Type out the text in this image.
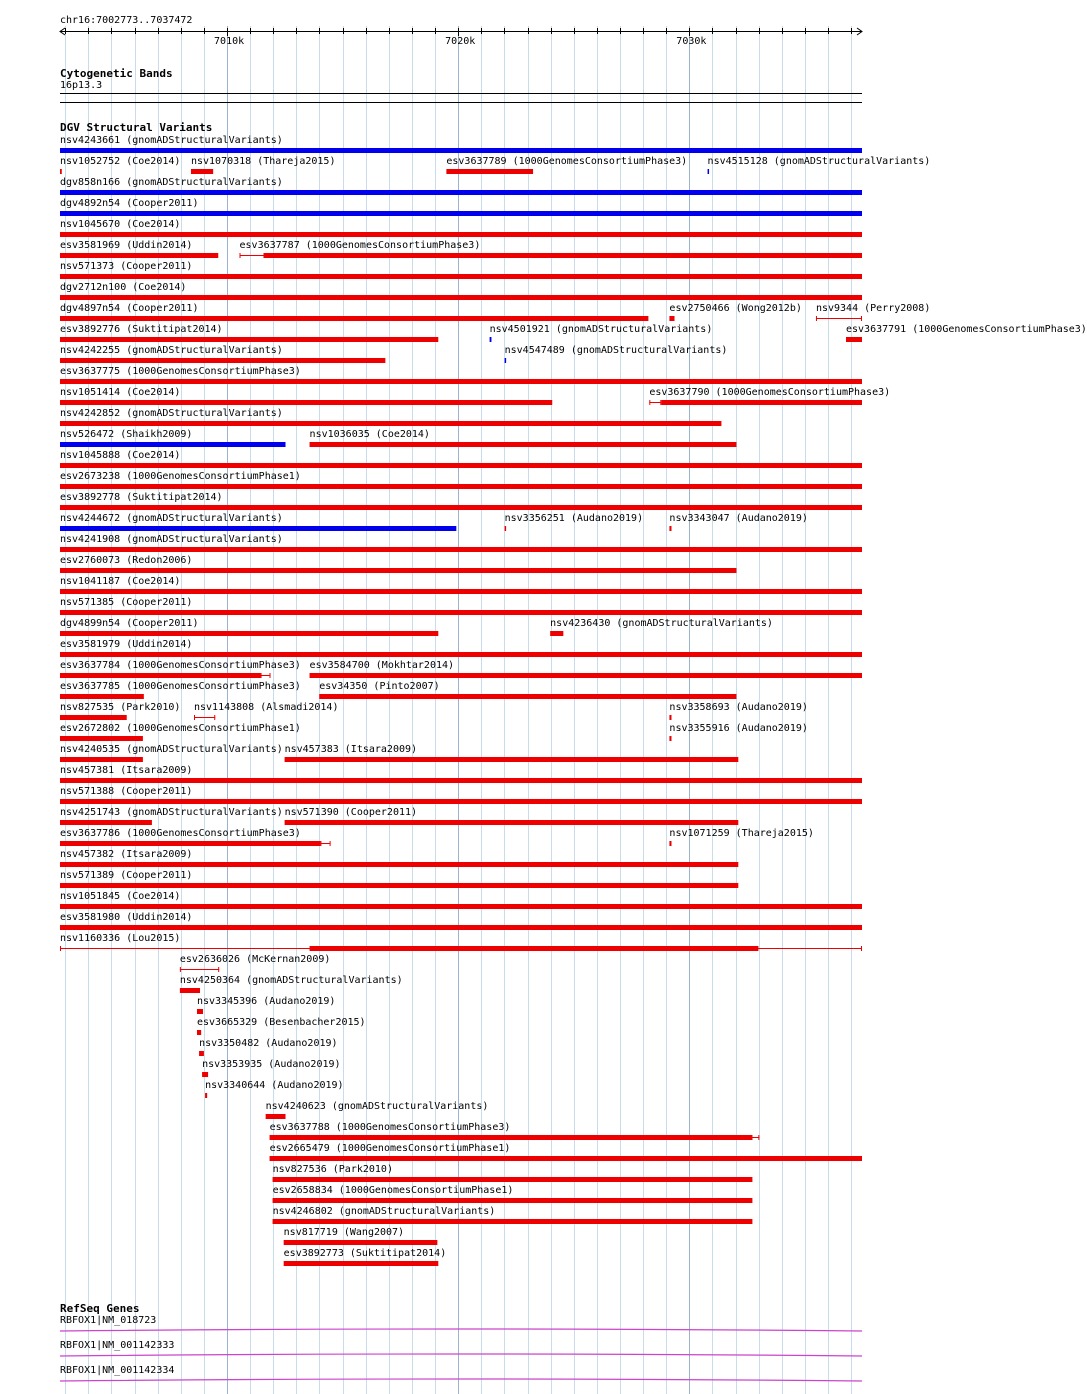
chr16:7002773..7037472
7010k	7020k	7030k
Cytogenetic Bands
16p13.3
DGV Structural Variants
nsv4243661 (gnomADStructuralVariants)
nsv1052752 (Coe2014) nsv1070318 (Thareja2015)	esv3637789 (1000GenomesConsortiumPhase3) nsv4515128 (gnomADStructuralVariants)
dgv858n166 (gnomADStructuralVariants)
dgv4892n54 (Cooper2011)
nsv1045670 (Coe2014)
esv3581969 (Uddin2014)	esv3637787 (1000GenomesConsortiumPhase3)
nsv571373 (Cooper2011)
dgv2712n100 (Coe2014)
dgv4897n54 (Cooper2011)	esv2750466 (Wong2012b) nsv9344 (Perry2008)
esv3892776 (Suktitipat2014)	nsv4501921 (gnomADStructuralVariants)	esv3637791 (1000GenomesConsortiumPhase3)
nsv4242255 (gnomADStructuralVariants)	nsv4547489 (gnomADStructuralVariants)
esv3637775 (1000GenomesConsortiumPhase3)
nsv1051414 (Coe2014)	esv3637790 (1000GenomesConsortiumPhase3)
nsv4242852 (gnomADStructuralVariants)
nsv526472 (Shaikh2009)	nsv1036035 (Coe2014)
nsv1045888 (Coe2014)
esv2673238 (1000GenomesConsortiumPhase1)
esv3892778 (Suktitipat2014)
nsv4244672 (gnomADStructuralVariants)	nsv3356251 (Audano2019)	nsv3343047 (Audano2019)
nsv4241908 (gnomADStructuralVariants)
esv2760073 (Redon2006)
nsv1041187 (Coe2014)
nsv571385 (Cooper2011)
dgv4899n54 (Cooper2011)	nsv4236430 (gnomADStructuralVariants)
esv3581979 (Uddin2014)
esv3637784 (1000GenomesConsortiumPhase3) esv3584700 (Mokhtar2014)
esv3637785 (1000GenomesConsortiumPhase3) esv34350 (Pinto2007)
nsv827535 (Park2010) nsv1143808 (Alsmadi2014)	nsv3358693 (Audano2019)
esv2672802 (1000GenomesConsortiumPhase1)	nsv3355916 (Audano2019)
nsv4240535 (gnomADStructuralVariants) nsv457383 (Itsara2009)
nsv457381 (Itsara2009)
nsv571388 (Cooper2011)
nsv4251743 (gnomADStructuralVariants) nsv571390 (Cooper2011)
esv3637786 (1000GenomesConsortiumPhase3)	nsv1071259 (Thareja2015)
nsv457382 (Itsara2009)
nsv571389 (Cooper2011)
nsv1051845 (Coe2014)
esv3581980 (Uddin2014)
nsv1160336 (Lou2015)
esv2636026 (McKernan2009)
nsv4250364 (gnomADStructuralVariants)
nsv3345396 (Audano2019)
esv3665329 (Besenbacher2015)
nsv3350482 (Audano2019)
nsv3353935 (Audano2019)
nsv3340644 (Audano2019)
nsv4240623 (gnomADStructuralVariants)
esv3637788 (1000GenomesConsortiumPhase3)
esv2665479 (1000GenomesConsortiumPhase1)
nsv827536 (Park2010)
esv2658834 (1000GenomesConsortiumPhase1)
nsv4246802 (gnomADStructuralVariants)
nsv817719 (Wang2007)
esv3892773 (Suktitipat2014)
RefSeq Genes
RBFOX1|NM_018723
RBFOX1|NM_001142333
RBFOX1|NM_001142334
